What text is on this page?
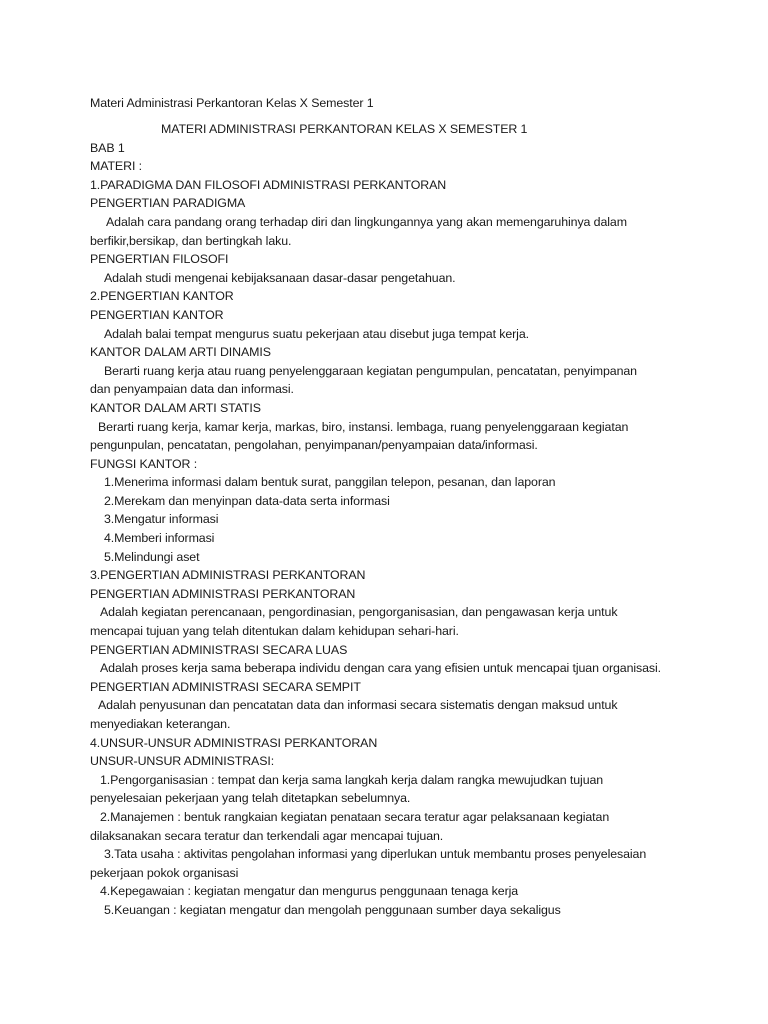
Materi Administrasi Perkantoran Kelas X Semester 1
MATERI ADMINISTRASI PERKANTORAN KELAS X SEMESTER 1
BAB 1
MATERI :
1.PARADIGMA DAN FILOSOFI ADMINISTRASI PERKANTORAN
PENGERTIAN PARADIGMA
Adalah cara pandang orang terhadap diri dan lingkungannya yang akan memengaruhinya dalam
berfikir,bersikap, dan bertingkah laku.
PENGERTIAN FILOSOFI
Adalah studi mengenai kebijaksanaan dasar-dasar pengetahuan.
2.PENGERTIAN KANTOR
PENGERTIAN KANTOR
Adalah balai tempat mengurus suatu pekerjaan atau disebut juga tempat kerja.
KANTOR DALAM ARTI DINAMIS
Berarti ruang kerja atau ruang penyelenggaraan kegiatan pengumpulan, pencatatan, penyimpanan
dan penyampaian data dan informasi.
KANTOR DALAM ARTI STATIS
Berarti ruang kerja, kamar kerja, markas, biro, instansi. lembaga, ruang penyelenggaraan kegiatan
pengunpulan, pencatatan, pengolahan, penyimpanan/penyampaian data/informasi.
FUNGSI KANTOR :
1.Menerima informasi dalam bentuk surat, panggilan telepon, pesanan, dan laporan
2.Merekam dan menyinpan data-data serta informasi
3.Mengatur informasi
4.Memberi informasi
5.Melindungi aset
3.PENGERTIAN ADMINISTRASI PERKANTORAN
PENGERTIAN ADMINISTRASI PERKANTORAN
Adalah kegiatan perencanaan, pengordinasian, pengorganisasian, dan pengawasan kerja untuk
mencapai tujuan yang telah ditentukan dalam kehidupan sehari-hari.
PENGERTIAN ADMINISTRASI SECARA LUAS
Adalah proses kerja sama beberapa individu dengan cara yang efisien untuk mencapai tjuan organisasi.
PENGERTIAN ADMINISTRASI SECARA SEMPIT
Adalah penyusunan dan pencatatan data dan informasi secara sistematis dengan maksud untuk
menyediakan keterangan.
4.UNSUR-UNSUR ADMINISTRASI PERKANTORAN
UNSUR-UNSUR ADMINISTRASI:
1.Pengorganisasian : tempat dan kerja sama langkah kerja dalam rangka mewujudkan tujuan
penyelesaian pekerjaan yang telah ditetapkan sebelumnya.
2.Manajemen : bentuk rangkaian kegiatan penataan secara teratur agar pelaksanaan kegiatan
dilaksanakan secara teratur dan terkendali agar mencapai tujuan.
3.Tata usaha : aktivitas pengolahan informasi yang diperlukan untuk membantu proses penyelesaian
pekerjaan pokok organisasi
4.Kepegawaian : kegiatan mengatur dan mengurus penggunaan tenaga kerja
5.Keuangan : kegiatan mengatur dan mengolah penggunaan sumber daya sekaligus
